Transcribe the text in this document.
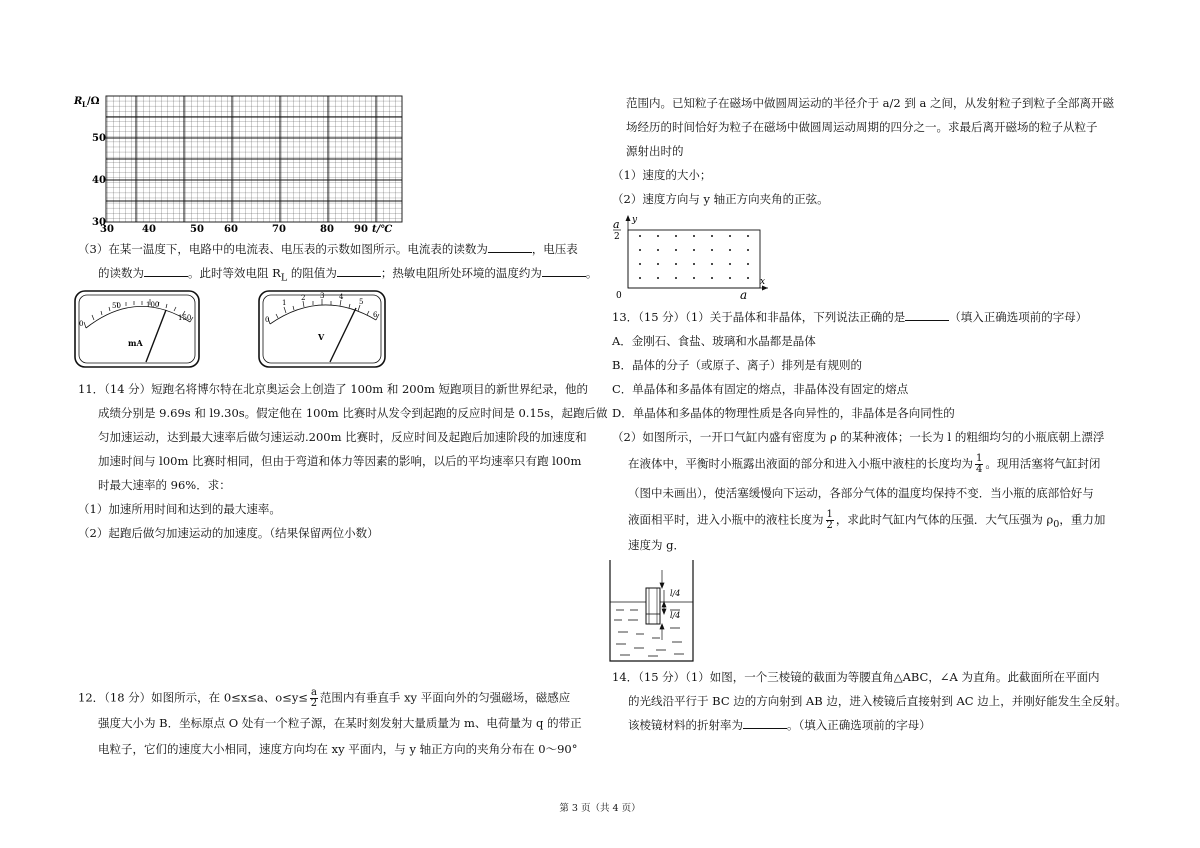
R L /Ω
50
40
30
30	40	50 60	70	80 90 t/℃
（3）在某一温度下，电路中的电流表、电压表的示数如图所示。电流表的读数为	，电压表
的读数为	。此时等效电阻 $R_L$ 的阻值为	；热敏电阻所处环境的温度约为	。
0
50	100
150
mA
0
1
2 3 4
5
6
V
11．（14 分）短跑名将博尔特在北京奥运会上创造了 100m 和 200m 短跑项目的新世界纪录，他的
成绩分别是 9.69s 和 l9.30s。假定他在 100m 比赛时从发令到起跑的反应时间是 0.15s，起跑后做
匀加速运动，达到最大速率后做匀速运动.200m 比赛时，反应时间及起跑后加速阶段的加速度和
加速时间与 l00m 比赛时相同，但由于弯道和体力等因素的影响，以后的平均速率只有跑 l00m
时最大速率的 96%．求：
（1）加速所用时间和达到的最大速率。
（2）起跑后做匀加速运动的加速度。（结果保留两位小数）
12．（18 分）如图所示，在 0≤x≤a、$o\le y\le \frac{a}{2}$ 范围内有垂直手 xy 平面向外的匀强磁场，磁感应
强度大小为 B．坐标原点 O 处有一个粒子源，在某时刻发射大量质量为 m、电荷量为 q 的带正
电粒子，它们的速度大小相同，速度方向均在 xy 平面内，与 y 轴正方向的夹角分布在 0～90°
范围内。已知粒子在磁场中做圆周运动的半径介于 a/2 到 a 之间，从发射粒子到粒子全部离开磁
场经历的时间恰好为粒子在磁场中做圆周运动周期的四分之一。求最后离开磁场的粒子从粒子
源射出时的
（1）速度的大小；
（2）速度方向与 y 轴正方向夹角的正弦。
y
x
a
2
0	a
13．（15 分）（1）关于晶体和非晶体，下列说法正确的是	（填入正确选项前的字母）
A．金刚石、食盐、玻璃和水晶都是晶体
B．晶体的分子（或原子、离子）排列是有规则的
C．单晶体和多晶体有固定的熔点，非晶体没有固定的熔点
D．单晶体和多晶体的物理性质是各向异性的，非晶体是各向同性的
（2）如图所示，一开口气缸内盛有密度为 ρ 的某种液体；一长为 l 的粗细均匀的小瓶底朝上漂浮
在液体中，平衡时小瓶露出液面的部分和进入小瓶中液柱的长度均为 $\frac{1}{4}$ 。现用活塞将气缸封闭
（图中未画出），使活塞缓慢向下运动，各部分气体的温度均保持不变．当小瓶的底部恰好与
液面相平时，进入小瓶中的液柱长度为 $\frac{1}{2}$ ，求此时气缸内气体的压强．大气压强为 $\rho_0$，重力加
速度为 g．
l/4
l/4
14．（15 分）（1）如图，一个三棱镜的截面为等腰直角△ABC，∠A 为直角。此截面所在平面内
的光线沿平行于 BC 边的方向射到 AB 边，进入棱镜后直接射到 AC 边上，并刚好能发生全反射。
该棱镜材料的折射率为	。（填入正确选项前的字母）
第 3 页（共 4 页）
